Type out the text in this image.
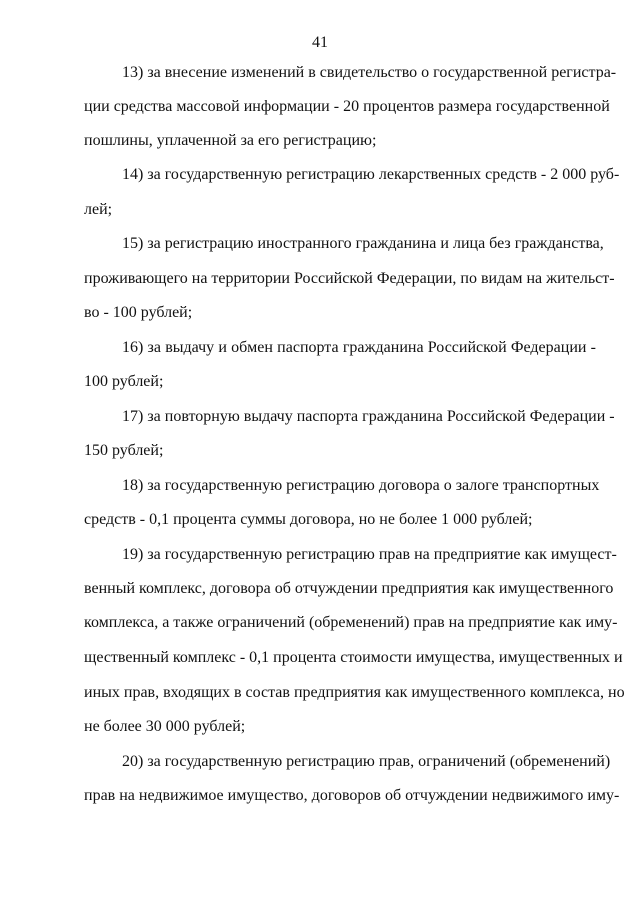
41
13) за внесение изменений в свидетельство о государственной регистра-
ции средства массовой информации - 20 процентов размера государственной
пошлины, уплаченной за его регистрацию;
14) за государственную регистрацию лекарственных средств - 2 000 руб-
лей;
15) за регистрацию иностранного гражданина и лица без гражданства,
проживающего на территории Российской Федерации, по видам на жительст-
во - 100 рублей;
16) за выдачу и обмен паспорта гражданина Российской Федерации -
100 рублей;
17) за повторную выдачу паспорта гражданина Российской Федерации -
150 рублей;
18) за государственную регистрацию договора о залоге транспортных
средств - 0,1 процента суммы договора, но не более 1 000 рублей;
19) за государственную регистрацию прав на предприятие как имущест-
венный комплекс, договора об отчуждении предприятия как имущественного
комплекса, а также ограничений (обременений) прав на предприятие как иму-
щественный комплекс - 0,1 процента стоимости имущества, имущественных и
иных прав, входящих в состав предприятия как имущественного комплекса, но
не более 30 000 рублей;
20) за государственную регистрацию прав, ограничений (обременений)
прав на недвижимое имущество, договоров об отчуждении недвижимого иму-
